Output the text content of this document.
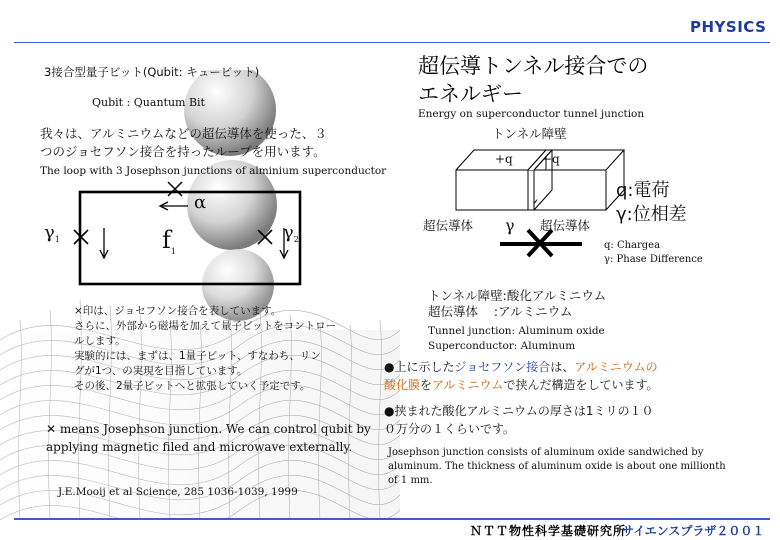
PHYSICS
3接合型量子ビット(Qubit: キュービット)
Qubit : Quantum Bit
我々は、アルミニウムなどの超伝導体を使った、３
つのジョセフソン接合を持ったループを用います。
The loop with 3 Josephson junctions of alminium superconductor
α
$\gamma_1$	$\gamma_2$
$f_1$
×印は、ジョセフソン接合を表しています。
さらに、外部から磁場を加えて量子ビットをコントロー
ルします。
実験的には、まずは、1量子ビット、すなわち、リン
グが1つ、の実現を目指しています。
その後、2量子ビットへと拡張していく予定です。
✕ means Josephson junction. We can control qubit by
applying magnetic filed and microwave externally.
J.E.Mooij et al Science, 285 1036-1039, 1999
超伝導トンネル接合での
エネルギー
Energy on superconductor tunnel junction
トンネル障壁
+q −q
超伝導体 γ 超伝導体
q:電荷
γ:位相差
q: Chargea
γ: Phase Difference
トンネル障壁:酸化アルミニウム
超伝導体    :アルミニウム
Tunnel junction: Aluminum oxide
Superconductor: Aluminum
●上に示したジョセフソン接合は、アルミニウムの
酸化膜をアルミニウムで挟んだ構造をしています。
●挟まれた酸化アルミニウムの厚さは1ミリの１０
０万分の１くらいです。
Josephson junction consists of aluminum oxide sandwiched by
aluminum. The thickness of aluminum oxide is about one millionth
of 1 mm.
ＮＴＴ物性科学基礎研究所
サイエンスプラザ２００１
